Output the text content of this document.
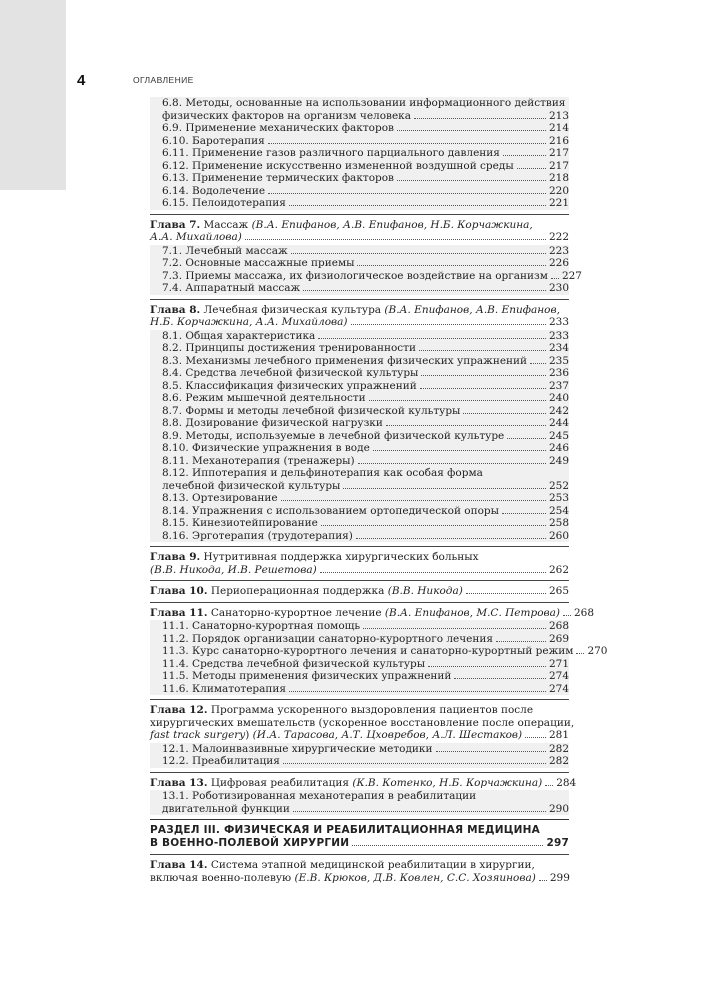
4	ОГЛАВЛЕНИЕ
6.8. Методы, основанные на использовании информационного действия
физических факторов на организм человека	213
6.9. Применение механических факторов	214
6.10. Баротерапия	216
6.11. Применение газов различного парциального давления	217
6.12. Применение искусственно измененной воздушной среды	217
6.13. Применение термических факторов	218
6.14. Водолечение	220
6.15. Пелоидотерапия	221
Глава 7. Массаж (В.А. Епифанов, А.В. Епифанов, Н.Б. Корчажкина,
А.А. Михайлова)	222
7.1. Лечебный массаж	223
7.2. Основные массажные приемы	226
7.3. Приемы массажа, их физиологическое воздействие на организм 227
7.4. Аппаратный массаж	230
Глава 8. Лечебная физическая культура (В.А. Епифанов, А.В. Епифанов,
Н.Б. Корчажкина, А.А. Михайлова)	233
8.1. Общая характеристика	233
8.2. Принципы достижения тренированности	234
8.3. Механизмы лечебного применения физических упражнений 235
8.4. Средства лечебной физической культуры	236
8.5. Классификация физических упражнений	237
8.6. Режим мышечной деятельности	240
8.7. Формы и методы лечебной физической культуры	242
8.8. Дозирование физической нагрузки	244
8.9. Методы, используемые в лечебной физической культуре	245
8.10. Физические упражнения в воде	246
8.11. Механотерапия (тренажеры)	249
8.12. Иппотерапия и дельфинотерапия как особая форма
лечебной физической культуры	252
8.13. Ортезирование	253
8.14. Упражнения с использованием ортопедической опоры	254
8.15. Кинезиотейпирование	258
8.16. Эрготерапия (трудотерапия)	260
Глава 9. Нутритивная поддержка хирургических больных
(В.В. Никода, И.В. Решетова)	262
Глава 10. Периоперационная поддержка (В.В. Никода)	265
Глава 11. Санаторно-курортное лечение (В.А. Епифанов, М.С. Петрова) 268
11.1. Санаторно-курортная помощь	268
11.2. Порядок организации санаторно-курортного лечения	269
11.3. Курс санаторно-курортного лечения и санаторно-курортный режим 270
11.4. Средства лечебной физической культуры	271
11.5. Методы применения физических упражнений	274
11.6. Климатотерапия	274
Глава 12. Программа ускоренного выздоровления пациентов после
хирургических вмешательств (ускоренное восстановление после операции,
fast track surgery) (И.А. Тарасова, А.Т. Цховребов, А.Л. Шестаков)	281
12.1. Малоинвазивные хирургические методики	282
12.2. Преабилитация	282
Глава 13. Цифровая реабилитация (К.В. Котенко, Н.Б. Корчажкина) 284
13.1. Роботизированная механотерапия в реабилитации
двигательной функции	290
РАЗДЕЛ III. ФИЗИЧЕСКАЯ И РЕАБИЛИТАЦИОННАЯ МЕДИЦИНА
В ВОЕННО-ПОЛЕВОЙ ХИРУРГИИ	297
Глава 14. Система этапной медицинской реабилитации в хирургии,
включая военно-полевую (Е.В. Крюков, Д.В. Ковлен, С.С. Хозяинова) 299
